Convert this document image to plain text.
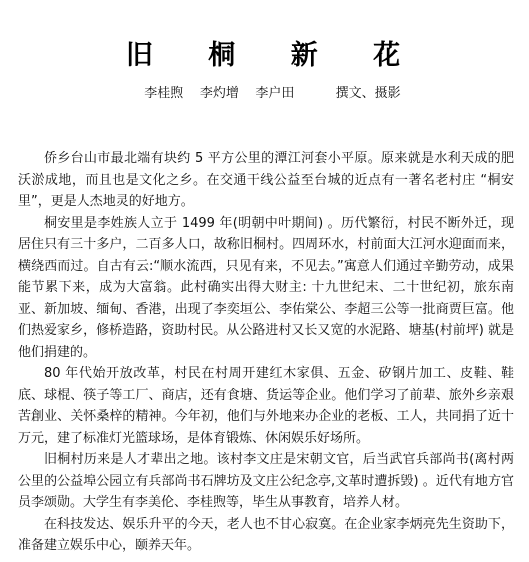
旧 桐 新 花
李桂煦    李灼增    李户田          撰文、摄影

侨乡台山市最北端有块约 5 平方公里的潭江河套小平原。原来就是水利天成的肥沃淤成地，而且也是文化之乡。在交通干线公益至台城的近点有一著名老村庄 “桐安里”，更是人杰地灵的好地方。

桐安里是李姓族人立于 1499 年(明朝中叶期间) 。历代繁衍，村民不断外迁，现居住只有三十多户，二百多人口，故称旧桐村。四周环水，村前面大江河水迎面而来，横绕西而过。自古有云:“顺水流西，只见有来，不见去。”寓意人们通过辛勤劳动，成果能节累下来，成为大富翁。此村确实出得大财主: 十九世纪末、二十世纪初，旅东南亚、新加坡、缅甸、香港，出现了李奕垣公、李佑棠公、李超三公等一批商贾巨富。他们热爱家乡，修桥造路，资助村民。从公路进村又长又宽的水泥路、塘基(村前坪) 就是他们捐建的。

80 年代始开放改革，村民在村周开建红木家俱、五金、矽钢片加工、皮鞋、鞋底、球棍、筷子等工厂、商店，还有食塘、货运等企业。他们学习了前辈、旅外乡亲艰苦創业、关怀桑梓的精神。今年初，他们与外地来办企业的老板、工人，共同捐了近十万元，建了标准灯光篮球场，是体育锻炼、休闲娱乐好场所。

旧桐村历来是人才辈出之地。该村李文庄是宋朝文官，后当武官兵部尚书(离村两公里的公益埠公园立有兵部尚书石牌坊及文庄公纪念亭,文革时遭拆毁) 。近代有地方官员李颂勋。大学生有李美伦、李桂煦等，毕生从事教育，培养人材。

在科技发达、娱乐升平的今天，老人也不甘心寂寞。在企业家李炳亮先生资助下，准备建立娱乐中心，颐养天年。
